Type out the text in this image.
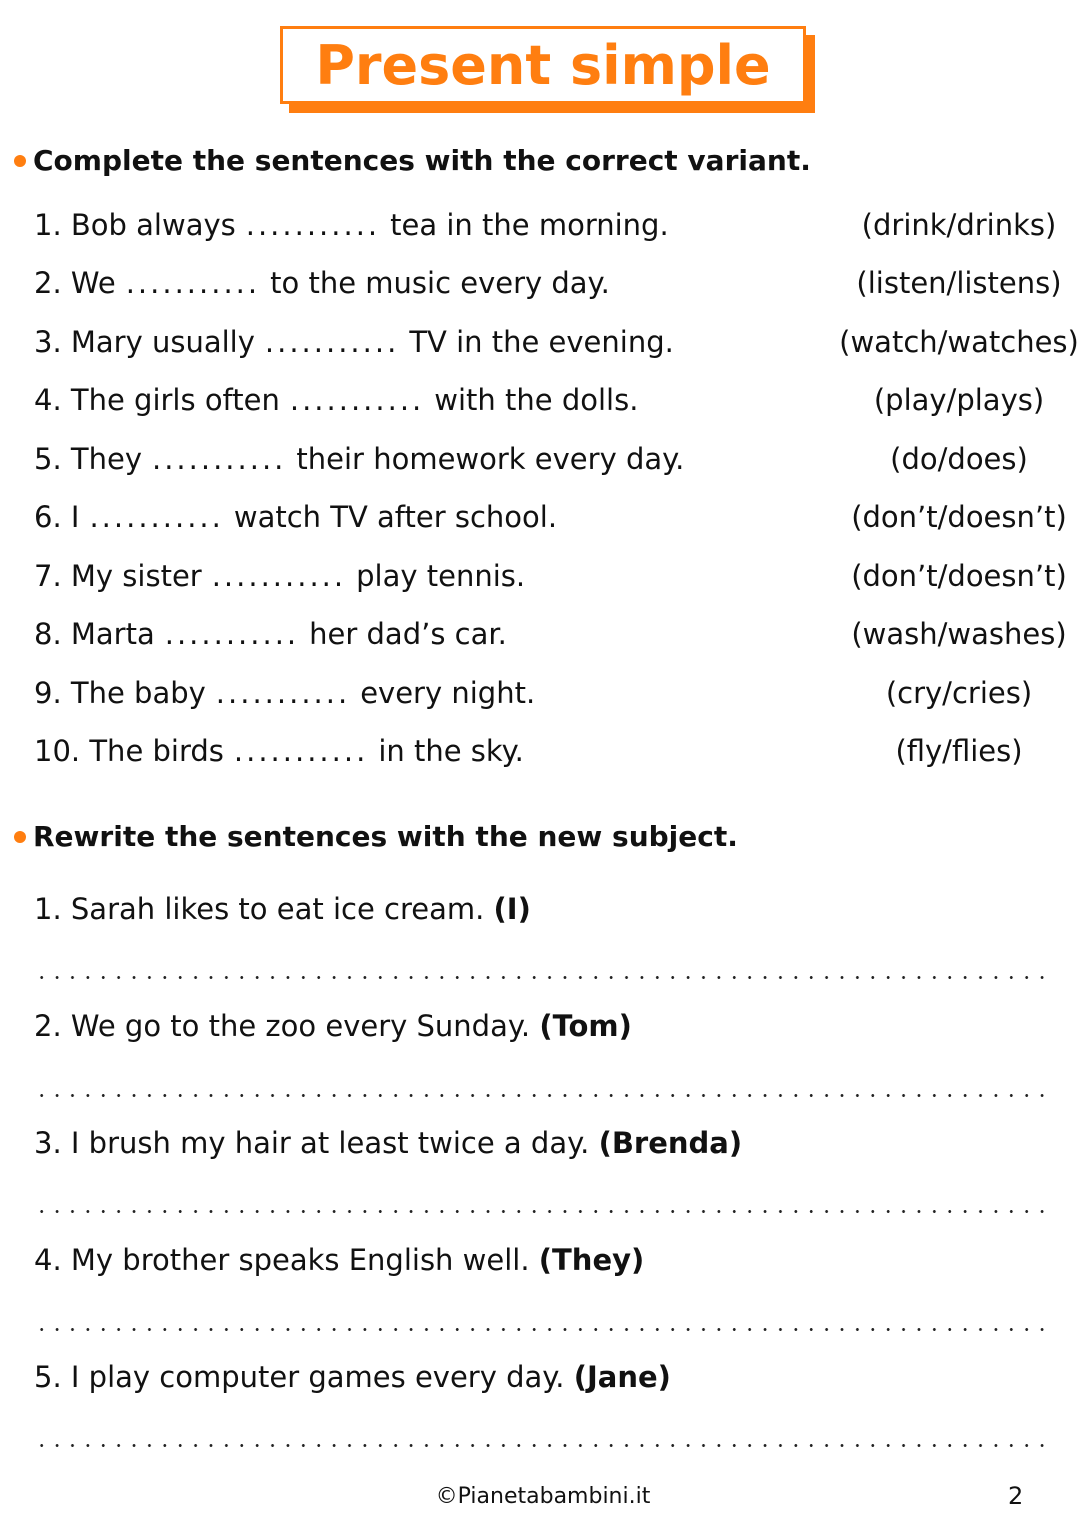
Present simple
Complete the sentences with the correct variant.
1. Bob always ........... tea in the morning.	(drink/drinks)
2. We ........... to the music every day.	(listen/listens)
3. Mary usually ........... TV in the evening.	(watch/watches)
4. The girls often ........... with the dolls.	(play/plays)
5. They ........... their homework every day.	(do/does)
6. I ........... watch TV after school.	(don’t/doesn’t)
7. My sister ........... play tennis.	(don’t/doesn’t)
8. Marta ........... her dad’s car.	(wash/washes)
9. The baby ........... every night.	(cry/cries)
10. The birds ........... in the sky.	(fly/flies)
Rewrite the sentences with the new subject.
1. Sarah likes to eat ice cream. (I)
2. We go to the zoo every Sunday. (Tom)
3. I brush my hair at least twice a day. (Brenda)
4. My brother speaks English well. (They)
5. I play computer games every day. (Jane)
©Pianetabambini.it	2
